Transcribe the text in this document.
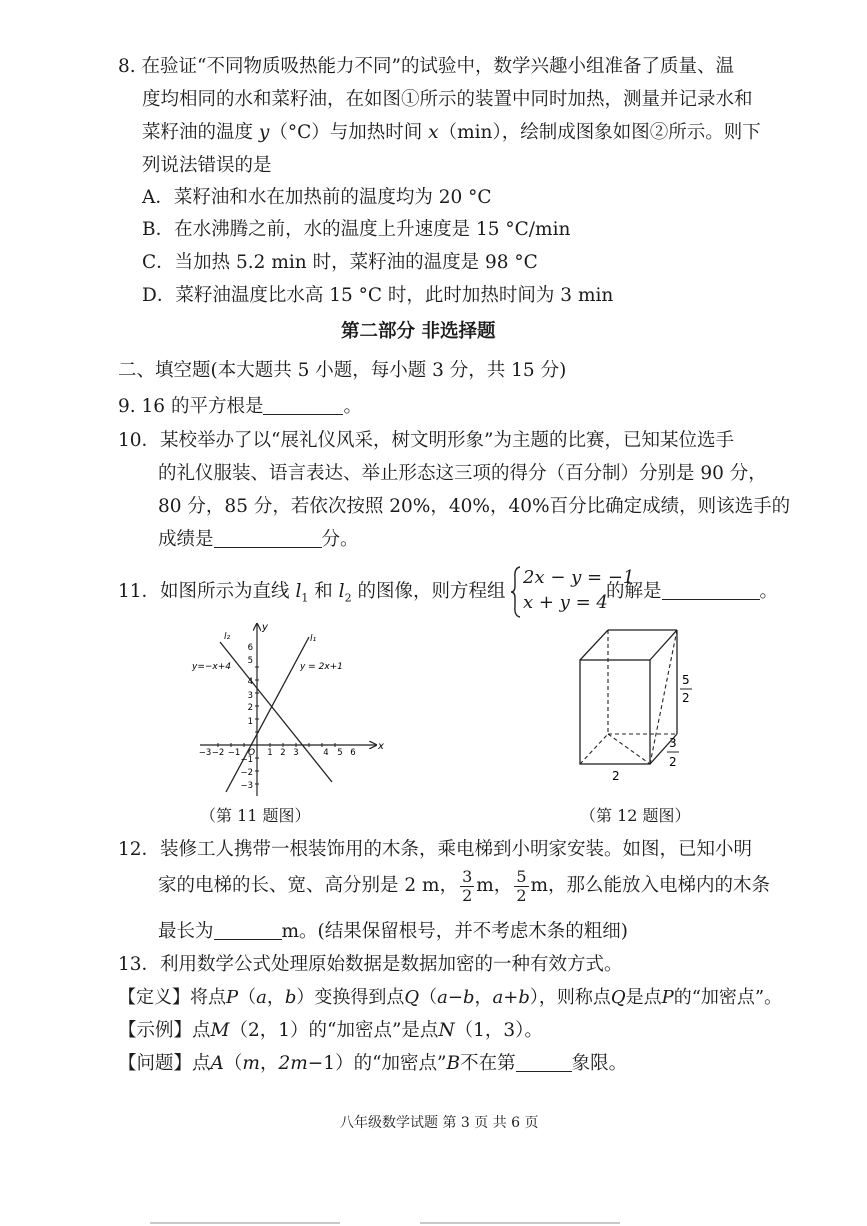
8. 在验证“不同物质吸热能力不同”的试验中，数学兴趣小组准备了质量、温
度均相同的水和菜籽油，在如图①所示的装置中同时加热，测量并记录水和
菜籽油的温度 y（°C）与加热时间 x（min），绘制成图象如图②所示。则下
列说法错误的是
A．菜籽油和水在加热前的温度均为 20 °C
B．在水沸腾之前，水的温度上升速度是 15 °C/min
C．当加热 5.2 min 时，菜籽油的温度是 98 °C
D．菜籽油温度比水高 15 °C 时，此时加热时间为 3 min
第二部分 非选择题
二、填空题(本大题共 5 小题，每小题 3 分，共 15 分)
9. 16 的平方根是	。
10．某校举办了以“展礼仪风采，树文明形象”为主题的比赛，已知某位选手
的礼仪服装、语言表达、举止形态这三项的得分（百分制）分别是 90 分，
80 分，85 分，若依次按照 20%，40%，40%百分比确定成绩，则该选手的
成绩是	分。
11．如图所示为直线 $l_1$ 和 $l_2$ 的图像，则方程组
2x − y = −1
x + y = 4
的解是	。
y
x
l₂	l₁
y=−x+4	y = 2x+1
O
−3 −2 −1	1 2 3	4 5 6
6
5
4
3
2
1
−1
−2
−3
（第 11 题图）
2
5
2
3
2
（第 12 题图）
12．装修工人携带一根装饰用的木条，乘电梯到小明家安装。如图，已知小明
家的电梯的长、宽、高分别是 2 m， $\frac{3}{2}$ m， $\frac{5}{2}$ m，那么能放入电梯内的木条
最长为	m。(结果保留根号，并不考虑木条的粗细)
13．利用数学公式处理原始数据是数据加密的一种有效方式。
【定义】将点P（a，b）变换得到点Q（a−b，a+b），则称点Q是点P的“加密点”。
【示例】点M（2，1）的“加密点”是点N（1，3）。
【问题】点A（m，2m−1）的“加密点”B不在第	象限。
八年级数学试题 第 3 页 共 6 页
